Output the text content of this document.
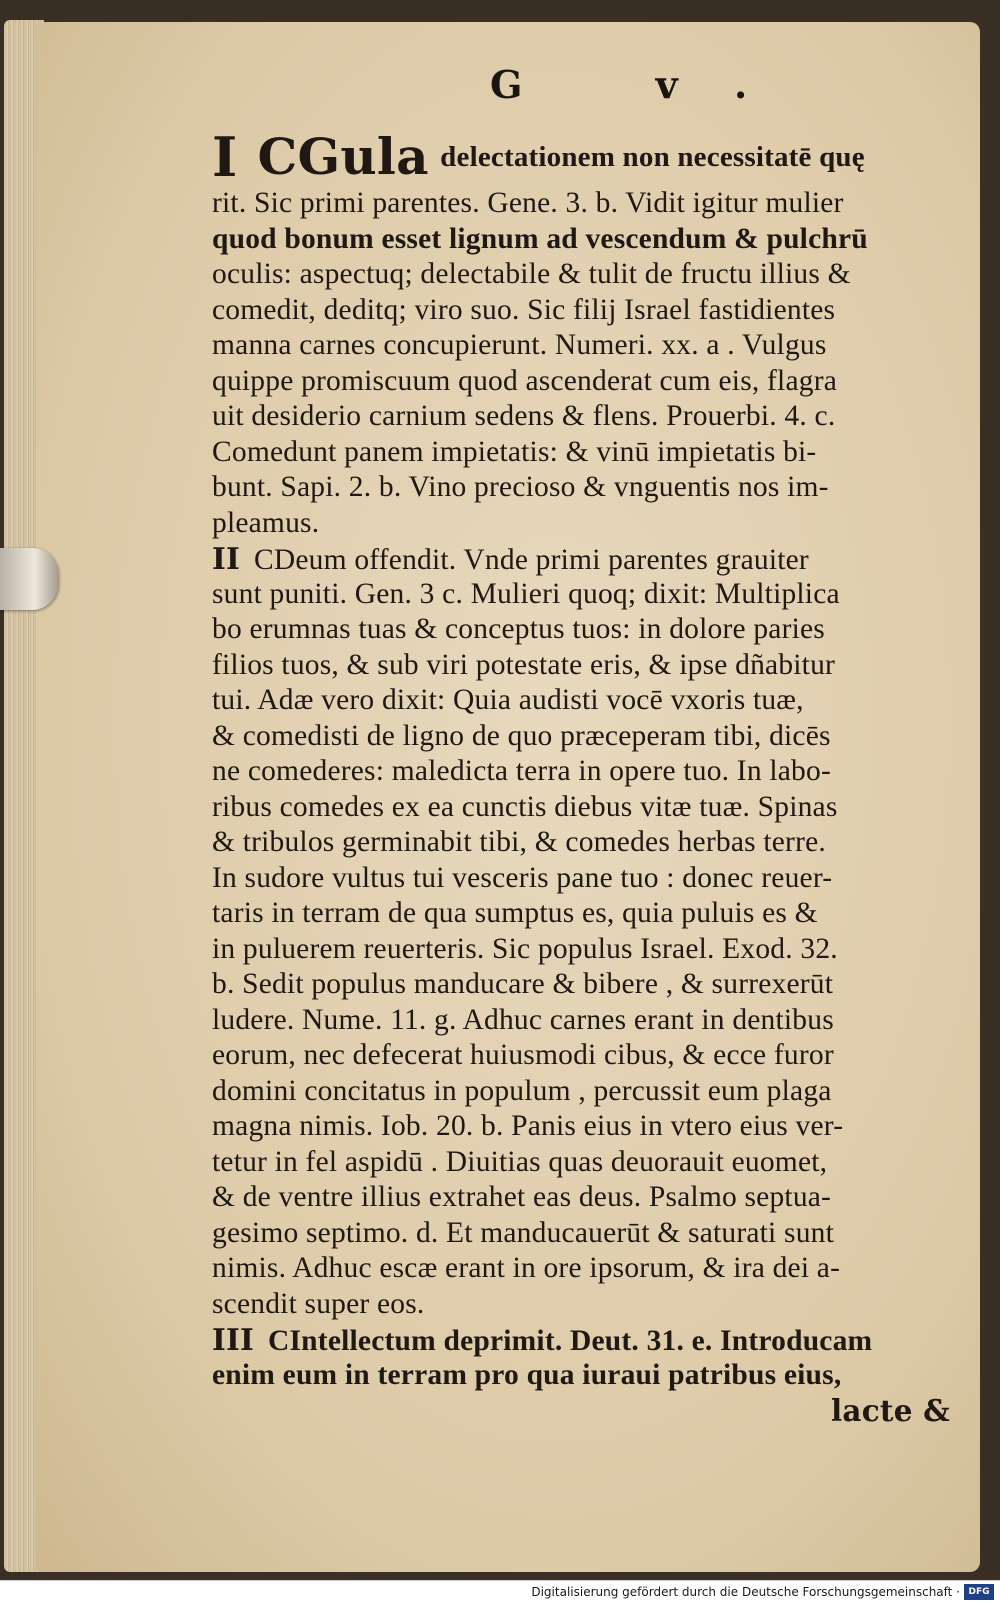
G v.
I CGula delectationem non necessitatē quę
rit. Sic primi parentes. Gene. 3. b. Vidit igitur mulier
quod bonum esset lignum ad vescendum & pulchrū
oculis: aspectuq; delectabile & tulit de fructu illius &
comedit, deditq; viro suo. Sic filij Israel fastidientes
manna carnes concupierunt. Numeri. xx. a . Vulgus
quippe promiscuum quod ascenderat cum eis, flagra
uit desiderio carnium sedens & flens. Prouerbi. 4. c.
Comedunt panem impietatis: & vinū impietatis bi-
bunt. Sapi. 2. b. Vino precioso & vnguentis nos im-
pleamus.
II CDeum offendit. Vnde primi parentes grauiter
sunt puniti. Gen. 3 c. Mulieri quoq; dixit: Multiplica
bo erumnas tuas & conceptus tuos: in dolore paries
filios tuos, & sub viri potestate eris, & ipse dñabitur
tui. Adæ vero dixit: Quia audisti vocē vxoris tuæ,
& comedisti de ligno de quo præceperam tibi, dicēs
ne comederes: maledicta terra in opere tuo. In labo-
ribus comedes ex ea cunctis diebus vitæ tuæ. Spinas
& tribulos germinabit tibi, & comedes herbas terre.
In sudore vultus tui vesceris pane tuo : donec reuer-
taris in terram de qua sumptus es, quia puluis es &
in puluerem reuerteris. Sic populus Israel. Exod. 32.
b. Sedit populus manducare & bibere , & surrexerūt
ludere. Nume. 11. g. Adhuc carnes erant in dentibus
eorum, nec defecerat huiusmodi cibus, & ecce furor
domini concitatus in populum , percussit eum plaga
magna nimis. Iob. 20. b. Panis eius in vtero eius ver-
tetur in fel aspidū . Diuitias quas deuorauit euomet,
& de ventre illius extrahet eas deus. Psalmo septua-
gesimo septimo. d. Et manducauerūt & saturati sunt
nimis. Adhuc escæ erant in ore ipsorum, & ira dei a-
scendit super eos.
III CIntellectum deprimit. Deut. 31. e. Introducam
enim eum in terram pro qua iuraui patribus eius,
lacte &
Digitalisierung gefördert durch die Deutsche Forschungsgemeinschaft · DFG
